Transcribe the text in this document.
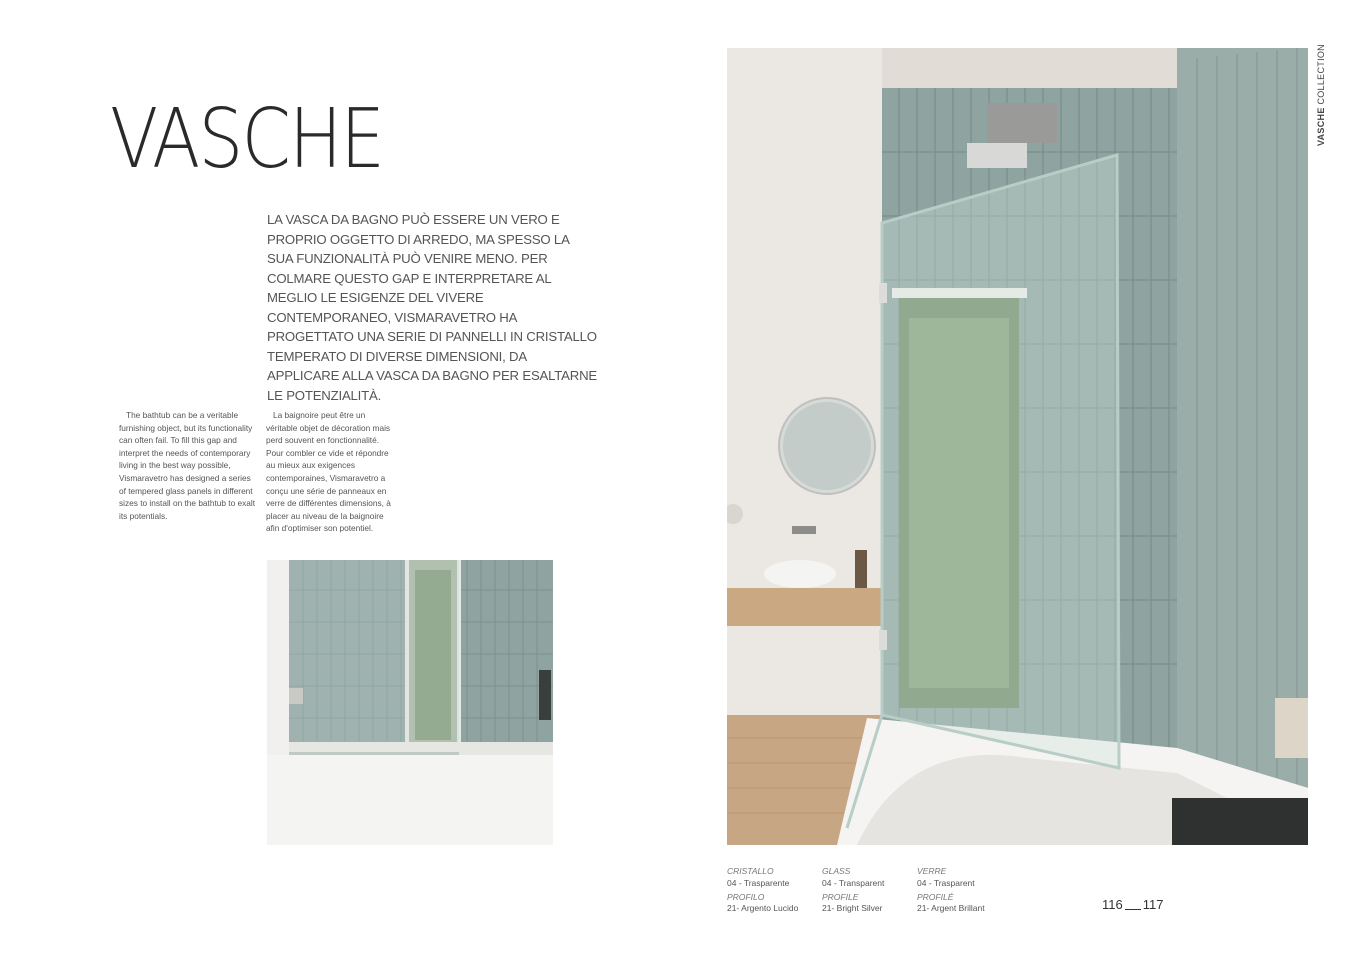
VASCHE
LA VASCA DA BAGNO PUÒ ESSERE UN VERO E PROPRIO OGGETTO DI ARREDO, MA SPESSO LA SUA FUNZIONALITÀ PUÒ VENIRE MENO. PER COLMARE QUESTO GAP E INTERPRETARE AL MEGLIO LE ESIGENZE DEL VIVERE CONTEMPORANEO, VISMARAVETRO HA PROGETTATO UNA SERIE DI PANNELLI IN CRISTALLO TEMPERATO DI DIVERSE DIMENSIONI, DA APPLICARE ALLA VASCA DA BAGNO PER ESALTARNE LE POTENZIALITÀ.
The bathtub can be a veritable furnishing object, but its functionality can often fail. To fill this gap and interpret the needs of contemporary living in the best way possible, Vismaravetro has designed a series of tempered glass panels in different sizes to install on the bathtub to exalt its potentials.
La baignoire peut être un véritable objet de décoration mais perd souvent en fonctionnalité. Pour combler ce vide et répondre au mieux aux exigences contemporaines, Vismaravetro a conçu une série de panneaux en verre de différentes dimensions, à placer au niveau de la baignoire afin d'optimiser son potentiel.
VASCHE COLLECTION
CRISTALLO
04 - Trasparente
PROFILO
21- Argento Lucido
GLASS
04 - Transparent
PROFILE
21- Bright Silver
VERRE
04 - Trasparent
PROFILÉ
21- Argent Brillant	116 117
